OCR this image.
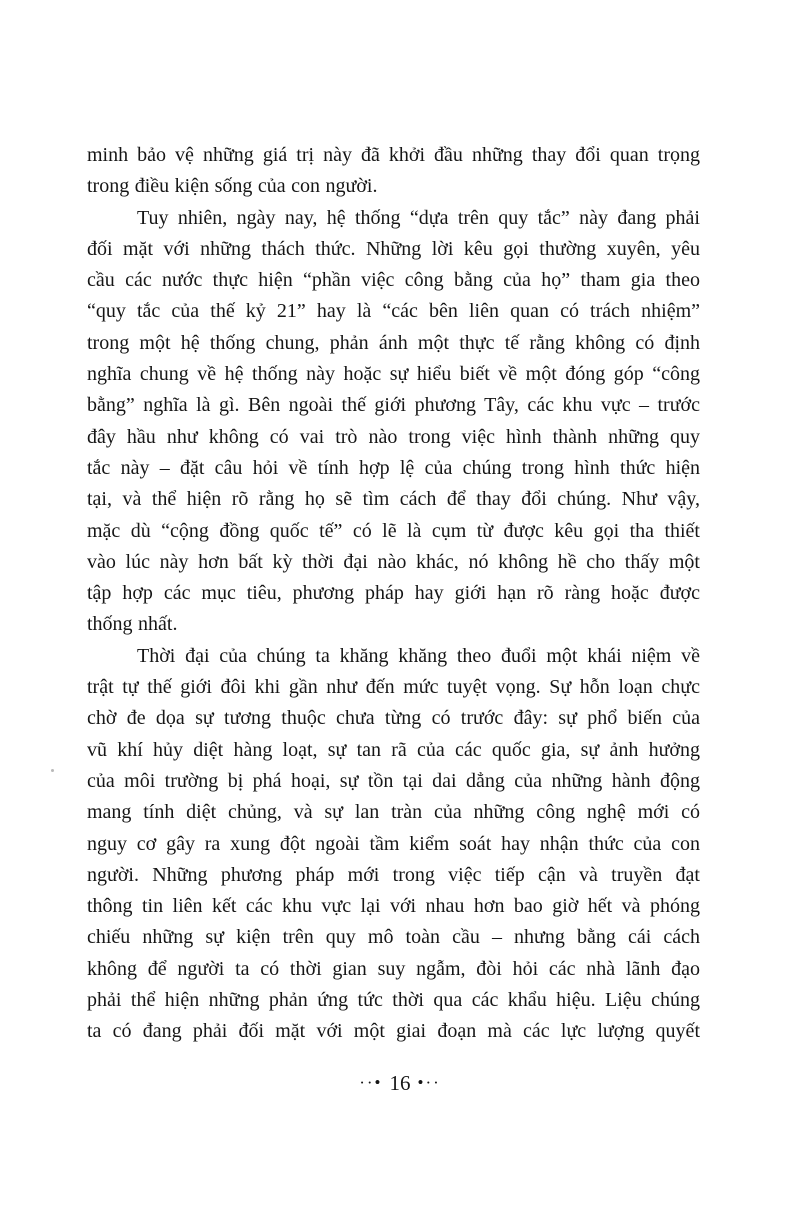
minh bảo vệ những giá trị này đã khởi đầu những thay đổi quan trọng
trong điều kiện sống của con người.
Tuy nhiên, ngày nay, hệ thống “dựa trên quy tắc” này đang phải
đối mặt với những thách thức. Những lời kêu gọi thường xuyên, yêu
cầu các nước thực hiện “phần việc công bằng của họ” tham gia theo
“quy tắc của thế kỷ 21” hay là “các bên liên quan có trách nhiệm”
trong một hệ thống chung, phản ánh một thực tế rằng không có định
nghĩa chung về hệ thống này hoặc sự hiểu biết về một đóng góp “công
bằng” nghĩa là gì. Bên ngoài thế giới phương Tây, các khu vực – trước
đây hầu như không có vai trò nào trong việc hình thành những quy
tắc này – đặt câu hỏi về tính hợp lệ của chúng trong hình thức hiện
tại, và thể hiện rõ rằng họ sẽ tìm cách để thay đổi chúng. Như vậy,
mặc dù “cộng đồng quốc tế” có lẽ là cụm từ được kêu gọi tha thiết
vào lúc này hơn bất kỳ thời đại nào khác, nó không hề cho thấy một
tập hợp các mục tiêu, phương pháp hay giới hạn rõ ràng hoặc được
thống nhất.
Thời đại của chúng ta khăng khăng theo đuổi một khái niệm về
trật tự thế giới đôi khi gần như đến mức tuyệt vọng. Sự hỗn loạn chực
chờ đe dọa sự tương thuộc chưa từng có trước đây: sự phổ biến của
vũ khí hủy diệt hàng loạt, sự tan rã của các quốc gia, sự ảnh hưởng
của môi trường bị phá hoại, sự tồn tại dai dẳng của những hành động
mang tính diệt chủng, và sự lan tràn của những công nghệ mới có
nguy cơ gây ra xung đột ngoài tầm kiểm soát hay nhận thức của con
người. Những phương pháp mới trong việc tiếp cận và truyền đạt
thông tin liên kết các khu vực lại với nhau hơn bao giờ hết và phóng
chiếu những sự kiện trên quy mô toàn cầu – nhưng bằng cái cách
không để người ta có thời gian suy ngẫm, đòi hỏi các nhà lãnh đạo
phải thể hiện những phản ứng tức thời qua các khẩu hiệu. Liệu chúng
ta có đang phải đối mặt với một giai đoạn mà các lực lượng quyết
··• 16 •··
